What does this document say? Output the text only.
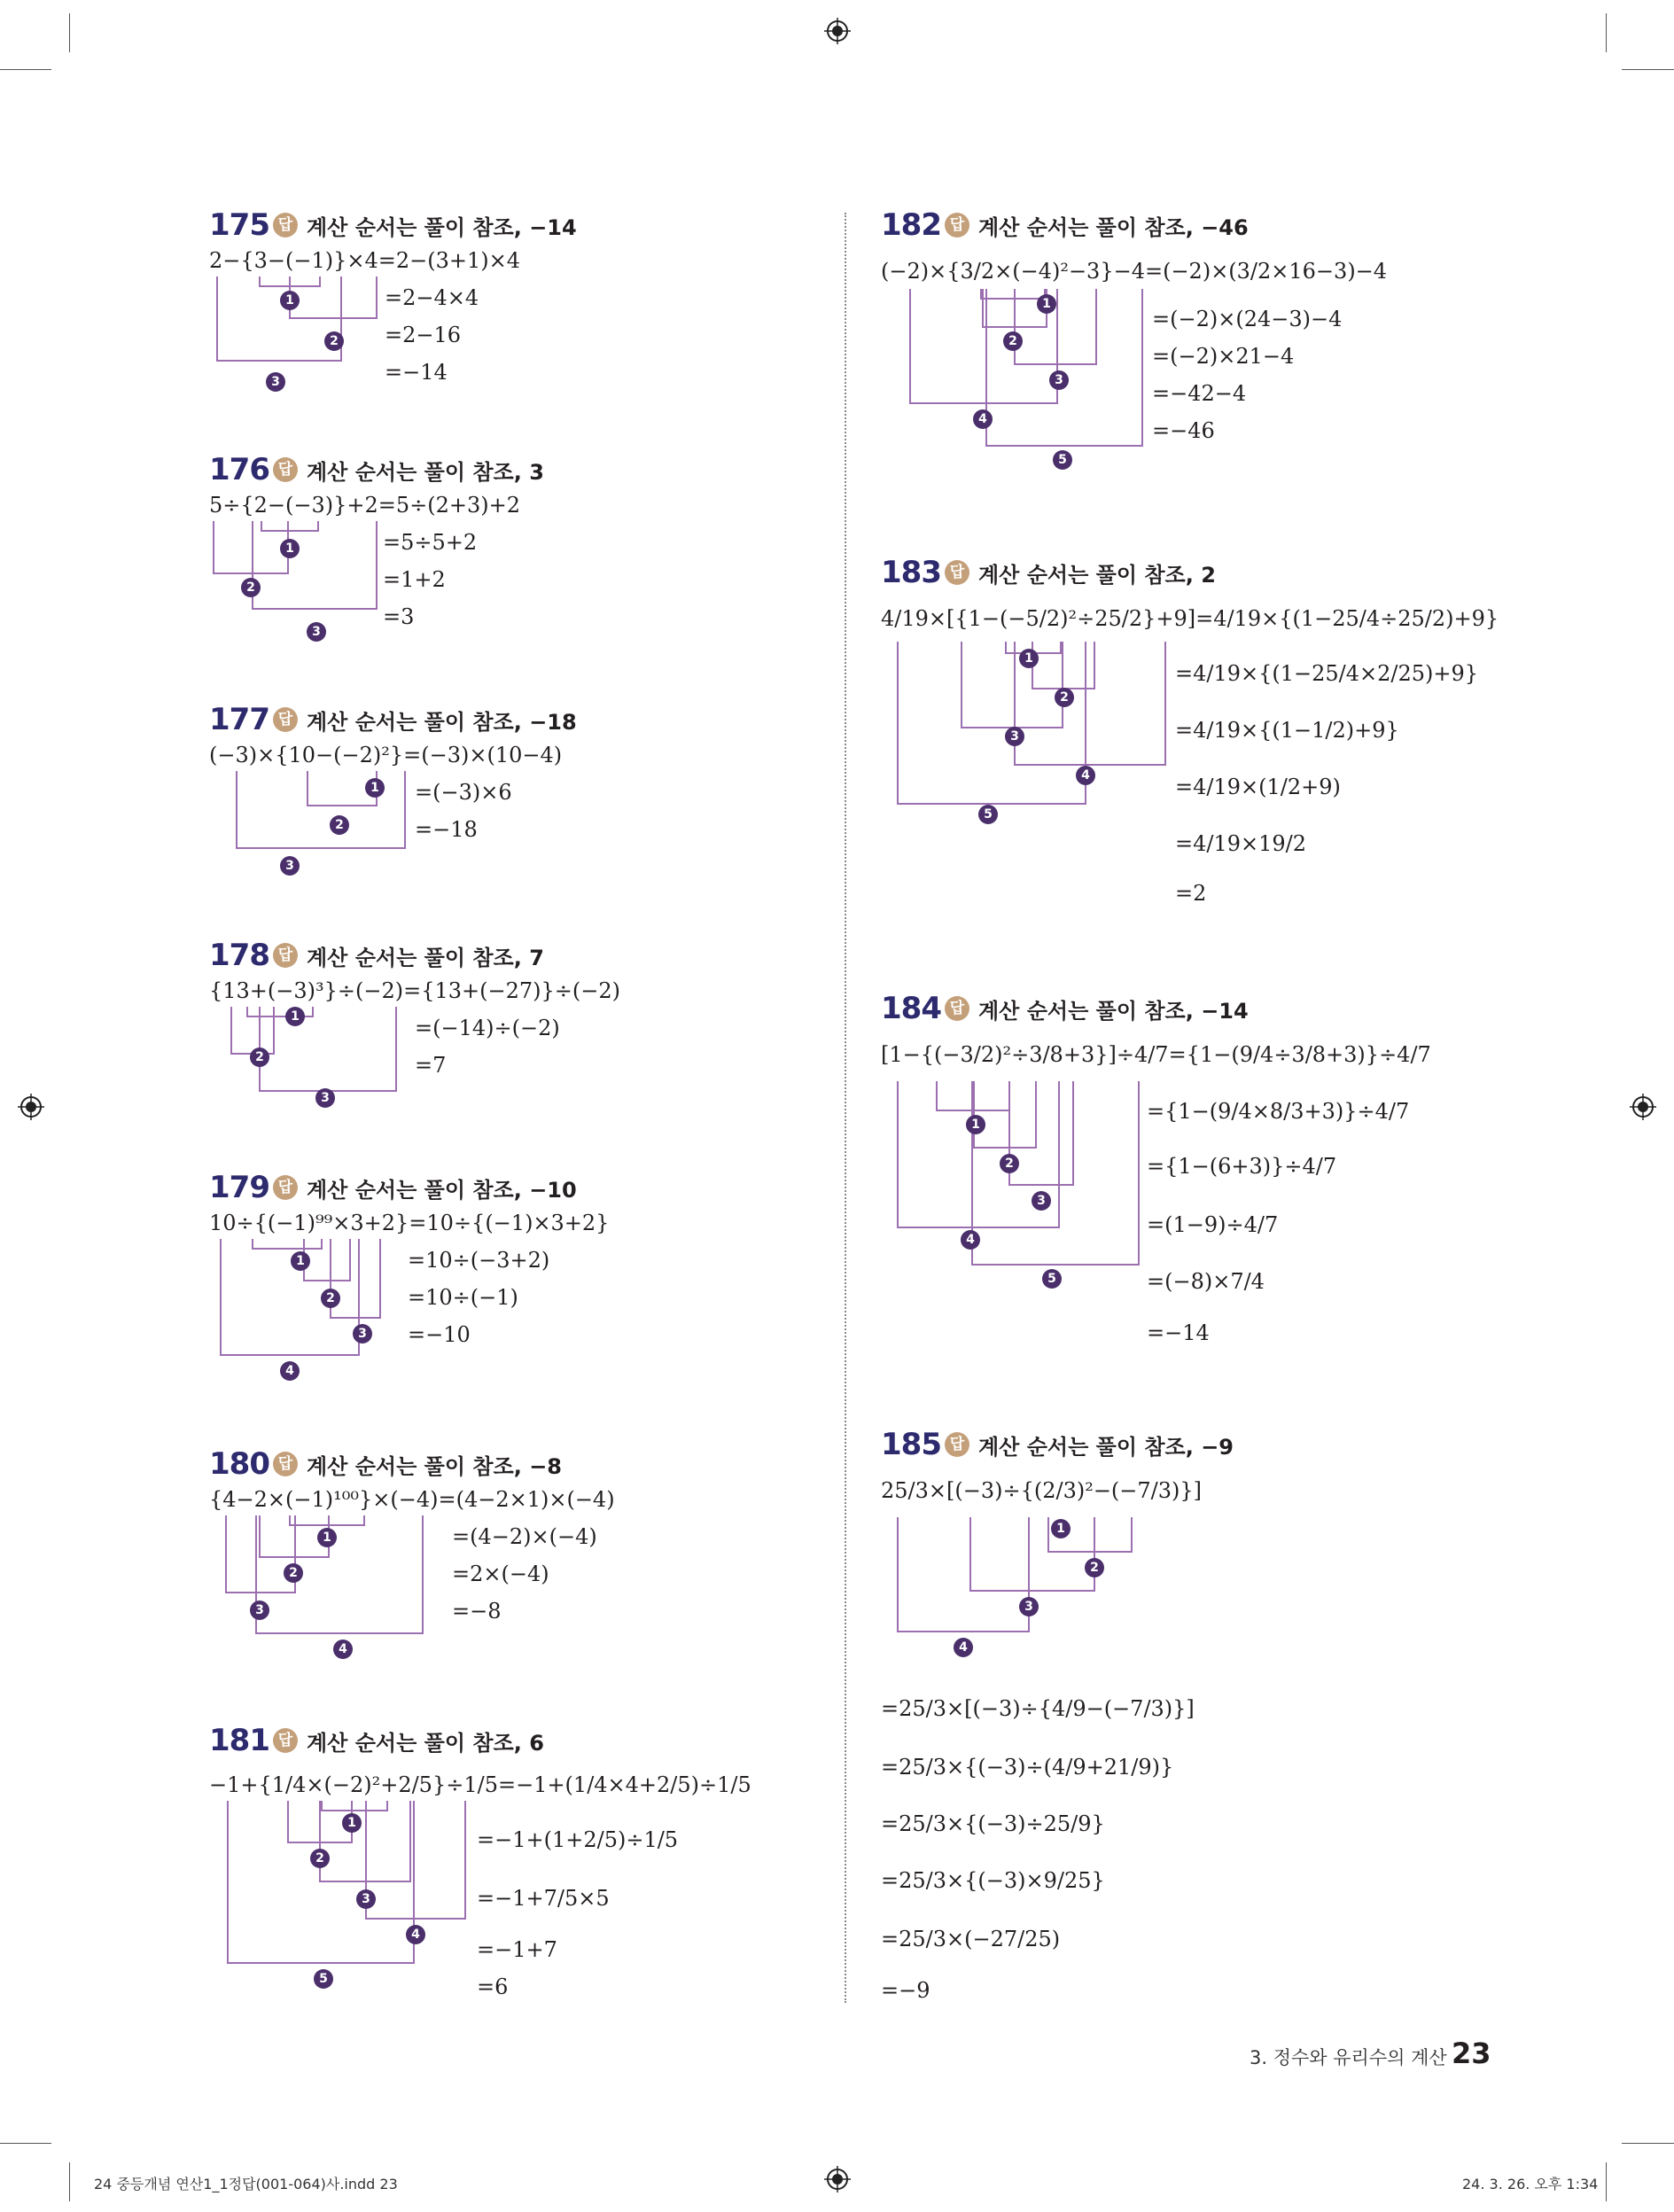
175 답 계산 순서는 풀이 참조, −14
2−{3−(−1)}×4=2−(3+1)×4
=2−4×4
=2−16
=−14
1
2
3
176 답 계산 순서는 풀이 참조, 3
5÷{2−(−3)}+2=5÷(2+3)+2
=5÷5+2
=1+2
=3
1
2
3
177 답 계산 순서는 풀이 참조, −18
(−3)×{10−(−2)²}=(−3)×(10−4)
=(−3)×6
=−18
1
2
3
178 답 계산 순서는 풀이 참조, 7
{13+(−3)³}÷(−2)={13+(−27)}÷(−2)
=(−14)÷(−2)
=7
1
2
3
179 답 계산 순서는 풀이 참조, −10
10÷{(−1)⁹⁹×3+2}=10÷{(−1)×3+2}
=10÷(−3+2)
=10÷(−1)
=−10
1
2
3
4
180 답 계산 순서는 풀이 참조, −8
{4−2×(−1)¹⁰⁰}×(−4)=(4−2×1)×(−4)
=(4−2)×(−4)
=2×(−4)
=−8
1
2
3
4
181 답 계산 순서는 풀이 참조, 6
−1+{1/4×(−2)²+2/5}÷1/5=−1+(1/4×4+2/5)÷1/5
=−1+(1+2/5)÷1/5
=−1+7/5×5
=−1+7
=6
1
2
3
4
5
182 답 계산 순서는 풀이 참조, −46
(−2)×{3/2×(−4)²−3}−4=(−2)×(3/2×16−3)−4
=(−2)×(24−3)−4
=(−2)×21−4
=−42−4
=−46
1
2
3
4
5
183 답 계산 순서는 풀이 참조, 2
4/19×[{1−(−5/2)²÷25/2}+9]=4/19×{(1−25/4÷25/2)+9}
=4/19×{(1−25/4×2/25)+9}
=4/19×{(1−1/2)+9}
=4/19×(1/2+9)
=4/19×19/2
=2
1
2
3
4
5
184 답 계산 순서는 풀이 참조, −14
[1−{(−3/2)²÷3/8+3}]÷4/7={1−(9/4÷3/8+3)}÷4/7
={1−(9/4×8/3+3)}÷4/7
={1−(6+3)}÷4/7
=(1−9)÷4/7
=(−8)×7/4
=−14
1
2
3
4
5
185 답 계산 순서는 풀이 참조, −9
25/3×[(−3)÷{(2/3)²−(−7/3)}]
1
2
3
4
=25/3×[(−3)÷{4/9−(−7/3)}]
=25/3×{(−3)÷(4/9+21/9)}
=25/3×{(−3)÷25/9}
=25/3×{(−3)×9/25}
=25/3×(−27/25)
=−9
3. 정수와 유리수의 계산 23
24 중등개념 연산1_1정답(001-064)사.indd 23	24. 3. 26. 오후 1:34
